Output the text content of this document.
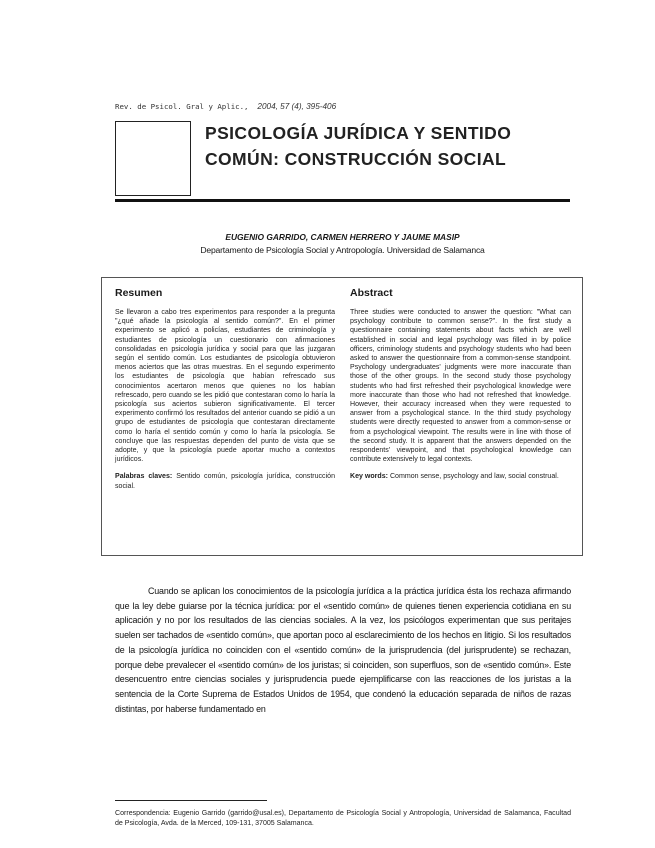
Rev. de Psicol. Gral y Aplic., 2004, 57 (4), 395-406
PSICOLOGÍA JURÍDICA Y SENTIDO
COMÚN: CONSTRUCCIÓN SOCIAL
EUGENIO GARRIDO, CARMEN HERRERO Y JAUME MASIP
Departamento de Psicología Social y Antropología. Universidad de Salamanca
Resumen
Se llevaron a cabo tres experimentos para responder a la pregunta "¿qué añade la psicología al sentido común?". En el primer experimento se aplicó a policías, estudiantes de criminología y estudiantes de psicología un cuestionario con afirmaciones consolidadas en psicología jurídica y social para que las juzgaran según el sentido común. Los estudiantes de psicología obtuvieron menos aciertos que las otras muestras. En el segundo experimento los estudiantes de psicología que habían refrescado sus conocimientos acertaron menos que quienes no los habían refrescado, pero cuando se les pidió que contestaran como lo haría la psicología sus aciertos subieron significativamente. El tercer experimento confirmó los resultados del anterior cuando se pidió a un grupo de estudiantes de psicología que contestaran directamente como lo haría el sentido común y como lo haría la psicología. Se concluye que las respuestas dependen del punto de vista que se adopte, y que la psicología puede aportar mucho a contextos jurídicos.
Palabras claves: Sentido común, psicología jurídica, construcción social.
Abstract
Three studies were conducted to answer the question: "What can psychology contribute to common sense?". In the first study a questionnaire containing statements about facts which are well established in social and legal psychology was filled in by police officers, criminology students and psychology students who had been asked to answer the questionnaire from a common-sense standpoint. Psychology undergraduates' judgments were more inaccurate than those of the other groups. In the second study those psychology students who had first refreshed their psychological knowledge were more inaccurate than those who had not refreshed that knowledge. However, their accuracy increased when they were requested to answer from a psychological stance. In the third study psychology students were directly requested to answer from a common-sense or from a psychological viewpoint. The results were in line with those of the second study. It is apparent that the answers depended on the respondents' viewpoint, and that psychological knowledge can contribute extensively to legal contexts.
Key words: Common sense, psychology and law, social construal.
Cuando se aplican los conocimientos de la psicología jurídica a la práctica jurídica ésta los rechaza afirmando que la ley debe guiarse por la técnica jurídica: por el «sentido común» de quienes tienen experiencia cotidiana en su aplicación y no por los resultados de las ciencias sociales. A la vez, los psicólogos experimentan que sus peritajes suelen ser tachados de «sentido común», que aportan poco al esclarecimiento de los hechos en litigio. Si los resultados de la psicología jurídica no coinciden con el «sentido común» de la jurisprudencia (del jurisprudente) se rechazan, porque debe prevalecer el «sentido común» de los juristas; si coinciden, son superfluos, son de «sentido común». Este desencuentro entre ciencias sociales y jurisprudencia puede ejemplificarse con las reacciones de los juristas a la sentencia de la Corte Suprema de Estados Unidos de 1954, que condenó la educación separada de niños de razas distintas, por haberse fundamentado en
Correspondencia: Eugenio Garrido (garrido@usal.es), Departamento de Psicología Social y Antropología, Universidad de Salamanca, Facultad de Psicología, Avda. de la Merced, 109-131, 37005 Salamanca.
